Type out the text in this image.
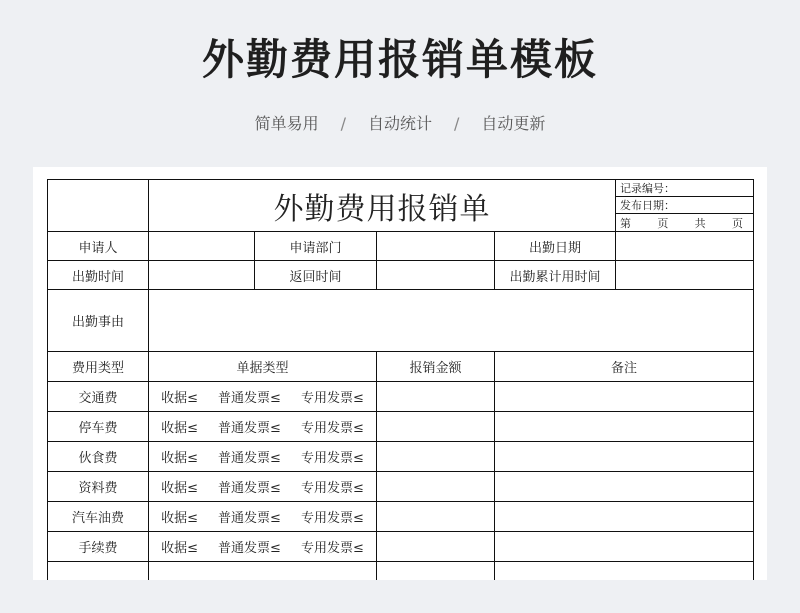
外勤费用报销单模板
简单易用 / 自动统计 / 自动更新
	外勤费用报销单				记录编号：
					发布日期：

					第 页 共 页

申请人		申请部门		出勤日期	
出勤时间		返回时间		出勤累计用时间	
出勤事由					
费用类型	单据类型		报销金额	备注	
交通费	收据≤ 普通发票≤ 专用发票≤				
停车费	收据≤ 普通发票≤ 专用发票≤				
伙食费	收据≤ 普通发票≤ 专用发票≤				
资料费	收据≤ 普通发票≤ 专用发票≤				
汽车油费	收据≤ 普通发票≤ 专用发票≤				
手续费	收据≤ 普通发票≤ 专用发票≤				
